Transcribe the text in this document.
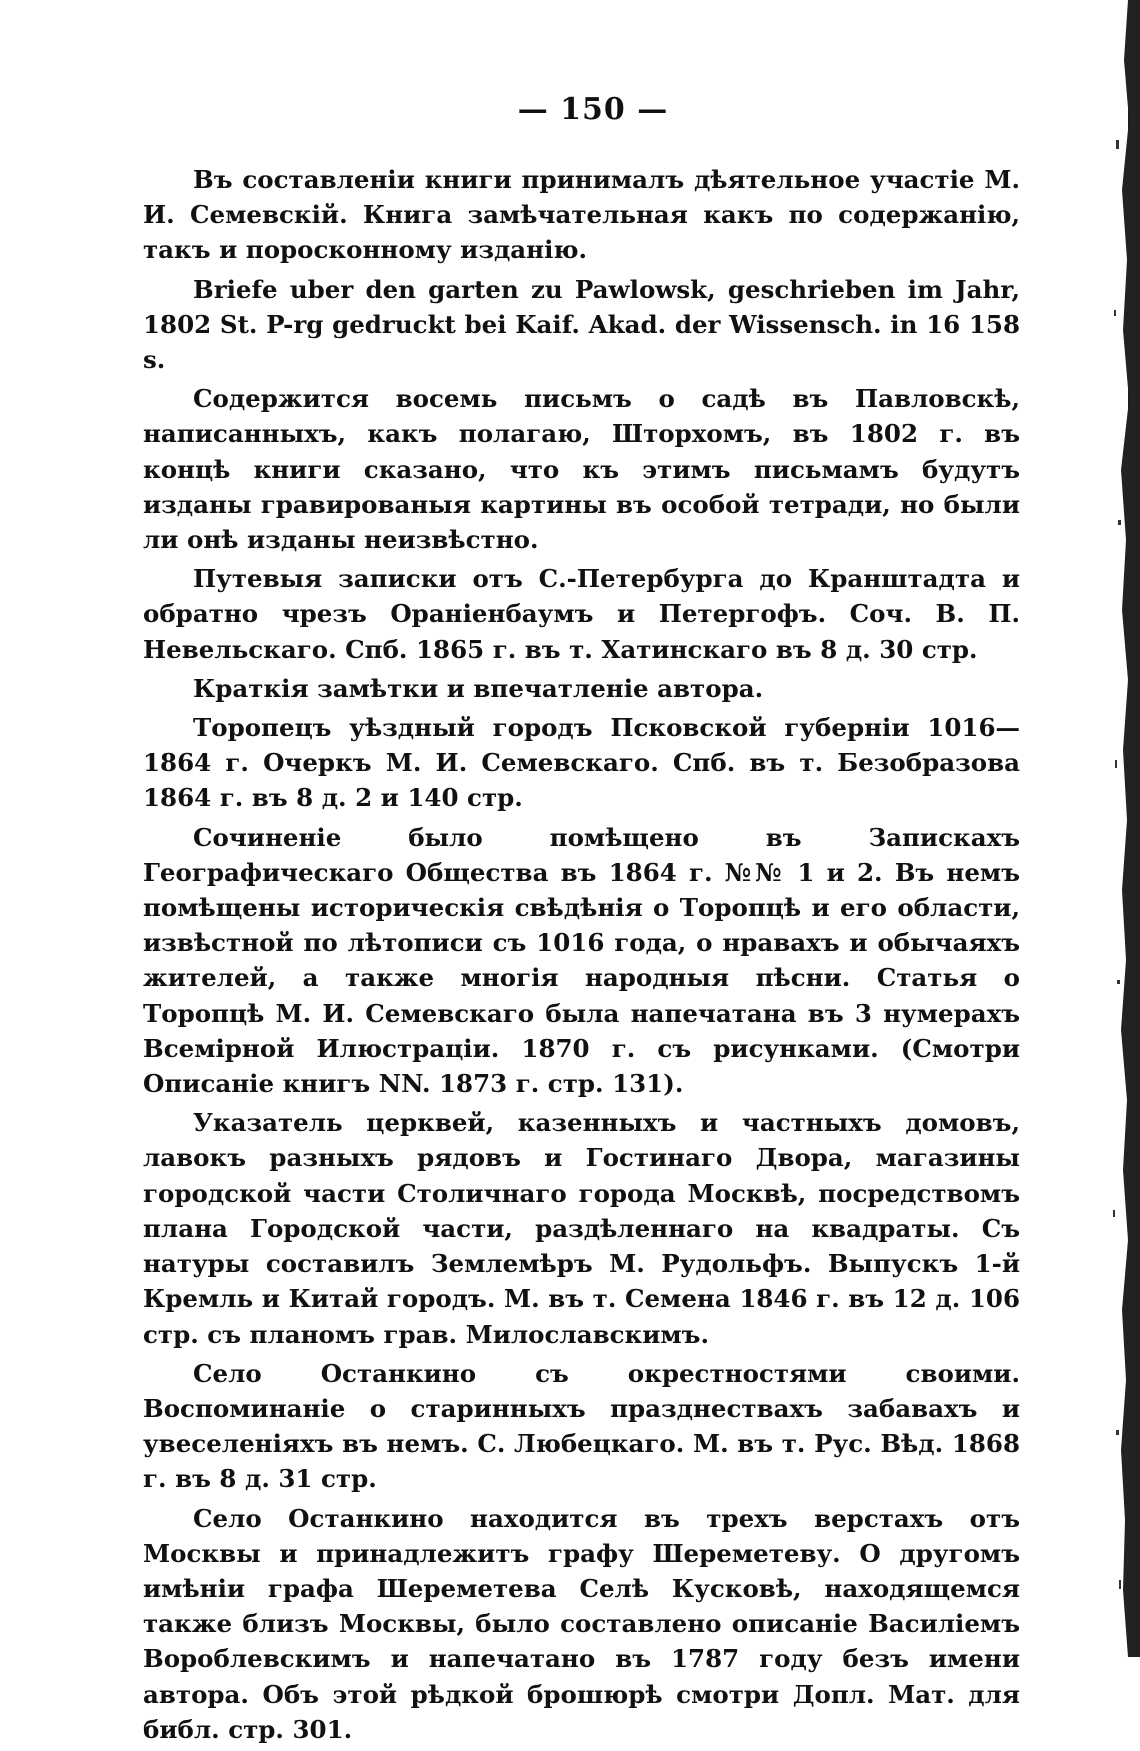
— 150 —

Въ составленіи книги принималъ дѣятельное участіе М. И. Семевскій. Книга замѣчательная какъ по содержанію, такъ и поросконному изданію.

Briefe uber den garten zu Pawlowsk, geschrieben im Jahr, 1802 St. P-rg gedruckt bei Kaif. Akad. der Wissensch. in 16 158 s.

Содержится восемь письмъ о садѣ въ Павловскѣ, написанныхъ, какъ полагаю, Шторхомъ, въ 1802 г. въ концѣ книги сказано, что къ этимъ письмамъ будутъ изданы гравированыя картины въ особой тетради, но были ли онѣ изданы неизвѣстно.

Путевыя записки отъ С.-Петербурга до Кранштадта и обратно чрезъ Ораніенбаумъ и Петергофъ. Соч. В. П. Невельскаго. Спб. 1865 г. въ т. Хатинскаго въ 8 д. 30 стр.

Краткія замѣтки и впечатленіе автора.

Торопецъ уѣздный городъ Псковской губерніи 1016—1864 г. Очеркъ М. И. Семевскаго. Спб. въ т. Безобразова 1864 г. въ 8 д. 2 и 140 стр.

Сочиненіе было помѣщено въ Запискахъ Географическаго Общества въ 1864 г. №№ 1 и 2. Въ немъ помѣщены историческія свѣдѣнія о Торопцѣ и его области, извѣстной по лѣтописи съ 1016 года, о нравахъ и обычаяхъ жителей, а также многія народныя пѣсни. Статья о Торопцѣ М. И. Семевскаго была напечатана въ 3 нумерахъ Всемірной Илюстраціи. 1870 г. съ рисунками. (Смотри Описаніе книгъ NN. 1873 г. стр. 131).

Указатель церквей, казенныхъ и частныхъ домовъ, лавокъ разныхъ рядовъ и Гостинаго Двора, магазины городской части Столичнаго города Москвѣ, посредствомъ плана Городской части, раздѣленнаго на квадраты. Съ натуры составилъ Землемѣръ М. Рудольфъ. Выпускъ 1-й Кремль и Китай городъ. М. въ т. Семена 1846 г. въ 12 д. 106 стр. съ планомъ грав. Милославскимъ.

Село Останкино съ окрестностями своими. Воспоминаніе о старинныхъ празднествахъ забавахъ и увеселеніяхъ въ немъ. С. Любецкаго. М. въ т. Рус. Вѣд. 1868 г. въ 8 д. 31 стр.

Село Останкино находится въ трехъ верстахъ отъ Москвы и принадлежитъ графу Шереметеву. О другомъ имѣніи графа Шереметева Селѣ Кусковѣ, находящемся также близъ Москвы, было составлено описаніе Василіемъ Вороблевскимъ и напечатано въ 1787 году безъ имени автора. Объ этой рѣдкой брошюрѣ смотри Допл. Мат. для библ. стр. 301.
